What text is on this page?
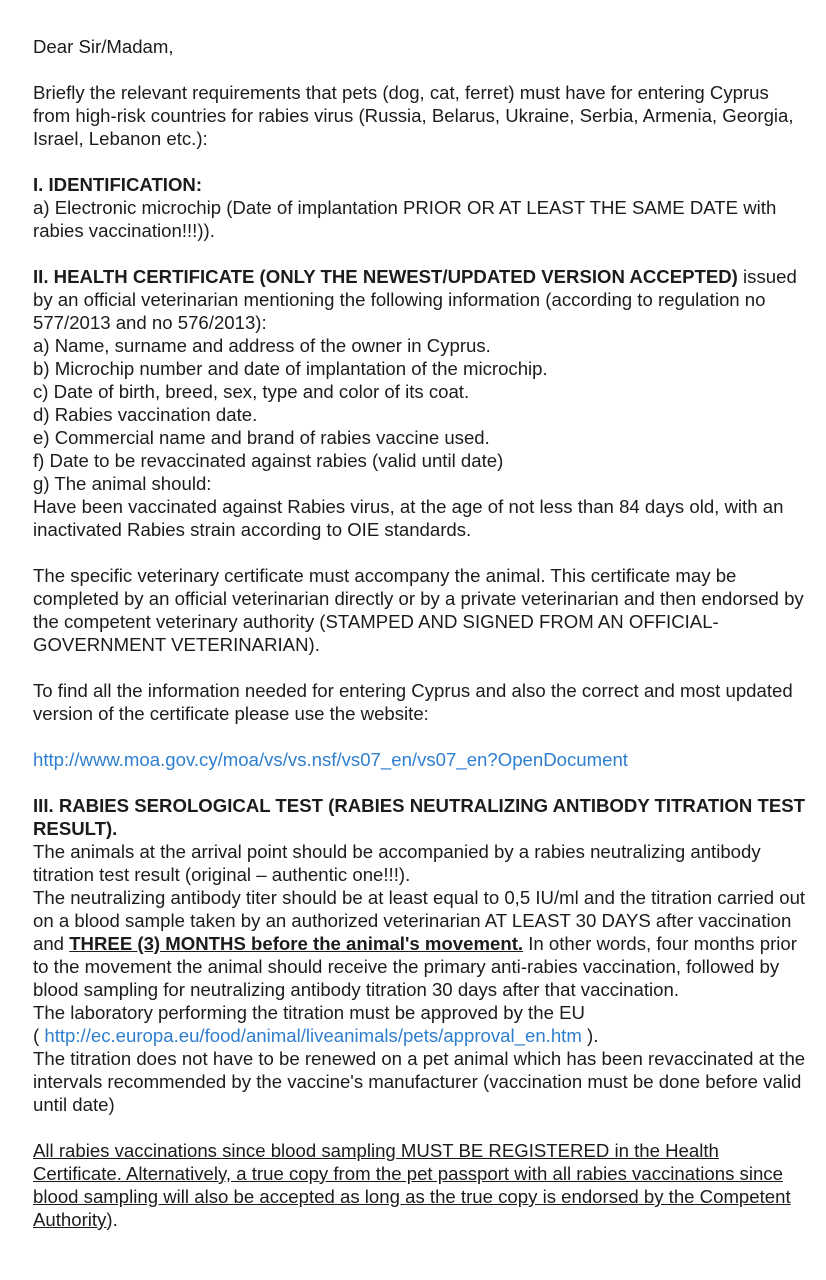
Dear Sir/Madam,

Briefly the relevant requirements that pets (dog, cat, ferret) must have for entering Cyprus from high-risk countries for rabies virus (Russia, Belarus, Ukraine, Serbia, Armenia, Georgia, Israel, Lebanon etc.):

I. IDENTIFICATION:

a) Electronic microchip (Date of implantation PRIOR OR AT LEAST THE SAME DATE with rabies vaccination!!!)).

II. HEALTH CERTIFICATE (ONLY THE NEWEST/UPDATED VERSION ACCEPTED) issued by an official veterinarian mentioning the following information (according to regulation no 577/2013 and no 576/2013):

a) Name, surname and address of the owner in Cyprus.

b) Microchip number and date of implantation of the microchip.

c) Date of birth, breed, sex, type and color of its coat.

d) Rabies vaccination date.

e) Commercial name and brand of rabies vaccine used.

f) Date to be revaccinated against rabies (valid until date)

g) The animal should:

Have been vaccinated against Rabies virus, at the age of not less than 84 days old, with an inactivated Rabies strain according to OIE standards.

The specific veterinary certificate must accompany the animal. This certificate may be completed by an official veterinarian directly or by a private veterinarian and then endorsed by the competent veterinary authority (STAMPED AND SIGNED FROM AN OFFICIAL-GOVERNMENT VETERINARIAN).

To find all the information needed for entering Cyprus and also the correct and most updated version of the certificate please use the website:

http://www.moa.gov.cy/moa/vs/vs.nsf/vs07_en/vs07_en?OpenDocument

III. RABIES SEROLOGICAL TEST (RABIES NEUTRALIZING ANTIBODY TITRATION TEST RESULT).

The animals at the arrival point should be accompanied by a rabies neutralizing antibody titration test result (original – authentic one!!!).

The neutralizing antibody titer should be at least equal to 0,5 IU/ml and the titration carried out on a blood sample taken by an authorized veterinarian AT LEAST 30 DAYS after vaccination and THREE (3) MONTHS before the animal's movement. In other words, four months prior to the movement the animal should receive the primary anti-rabies vaccination, followed by blood sampling for neutralizing antibody titration 30 days after that vaccination.

The laboratory performing the titration must be approved by the EU

( http://ec.europa.eu/food/animal/liveanimals/pets/approval_en.htm ).

The titration does not have to be renewed on a pet animal which has been revaccinated at the intervals recommended by the vaccine's manufacturer (vaccination must be done before valid until date)

All rabies vaccinations since blood sampling MUST BE REGISTERED in the Health Certificate. Alternatively, a true copy from the pet passport with all rabies vaccinations since blood sampling will also be accepted as long as the true copy is endorsed by the Competent Authority).
